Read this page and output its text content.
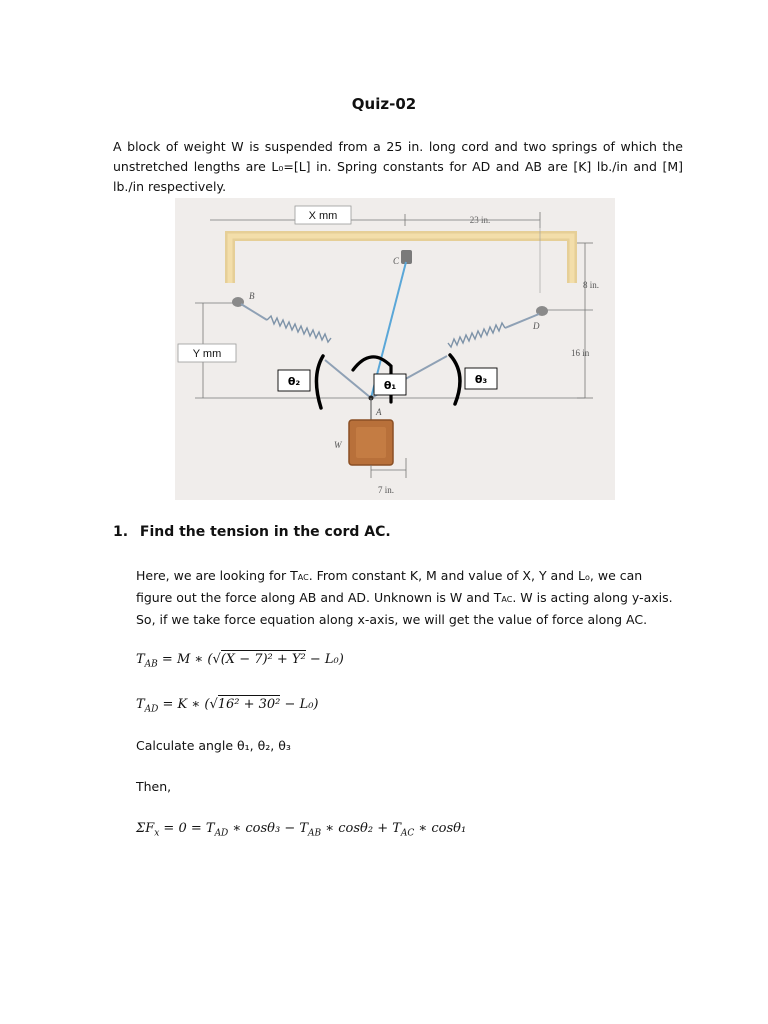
Quiz-02
A block of weight W is suspended from a 25 in. long cord and two springs of which the unstretched lengths are L₀=[L] in. Spring constants for AD and AB are [K] lb./in and [M] lb./in respectively.
X mm	23 in.
8 in.
16 in
Y mm
C
B
D
A
W
7 in.
θ₂	θ₁	θ₃
1. Find the tension in the cord AC.
Here, we are looking for TAC. From constant K, M and value of X, Y and Lo, we can figure out the force along AB and AD. Unknown is W and TAC. W is acting along y-axis. So, if we take force equation along x-axis, we will get the value of force along AC.
$T_{AB} = M$ ∗ (√(X − 7)² + Y² − L₀)
$T_{AD} = K$ ∗ (√16² + 30² − L₀)
Calculate angle θ₁, θ₂, θ₃
Then,
$\Sigma F_x = 0 = T_{AD}$ ∗ $\cos\theta_3 - T_{AB}$ ∗ $\cos\theta_2 + T_{AC}$ ∗ cosθ₁
